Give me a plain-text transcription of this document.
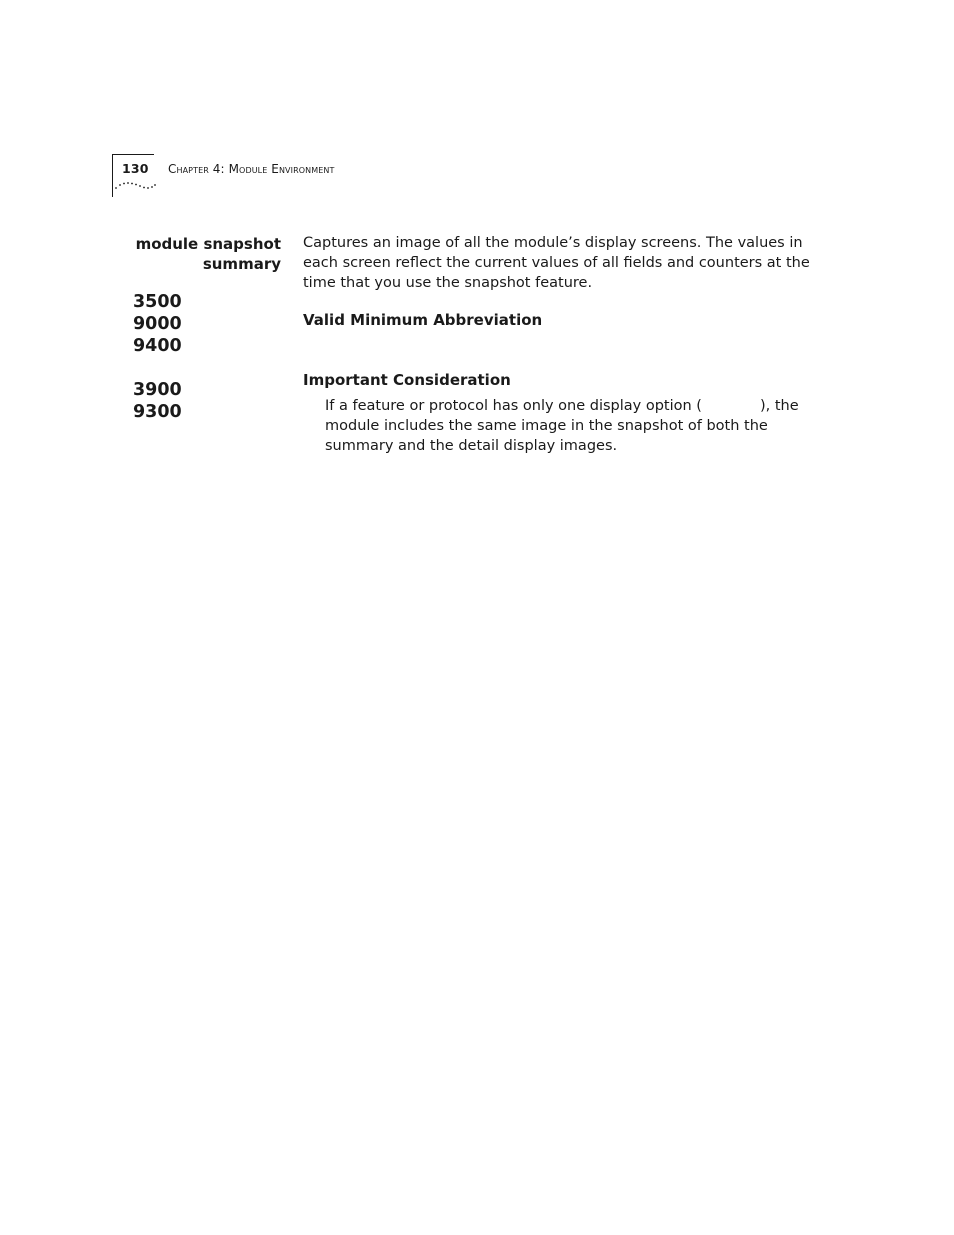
130 Chapter 4: Module Environment
module snapshot
summary
3500
9000
9400
3900
9300
Captures an image of all the module’s display screens. The values in each screen reflect the current values of all fields and counters at the time that you use the snapshot feature.
Valid Minimum Abbreviation
Important Consideration
If a feature or protocol has only one display option (	), the module includes the same image in the snapshot of both the summary and the detail display images.
